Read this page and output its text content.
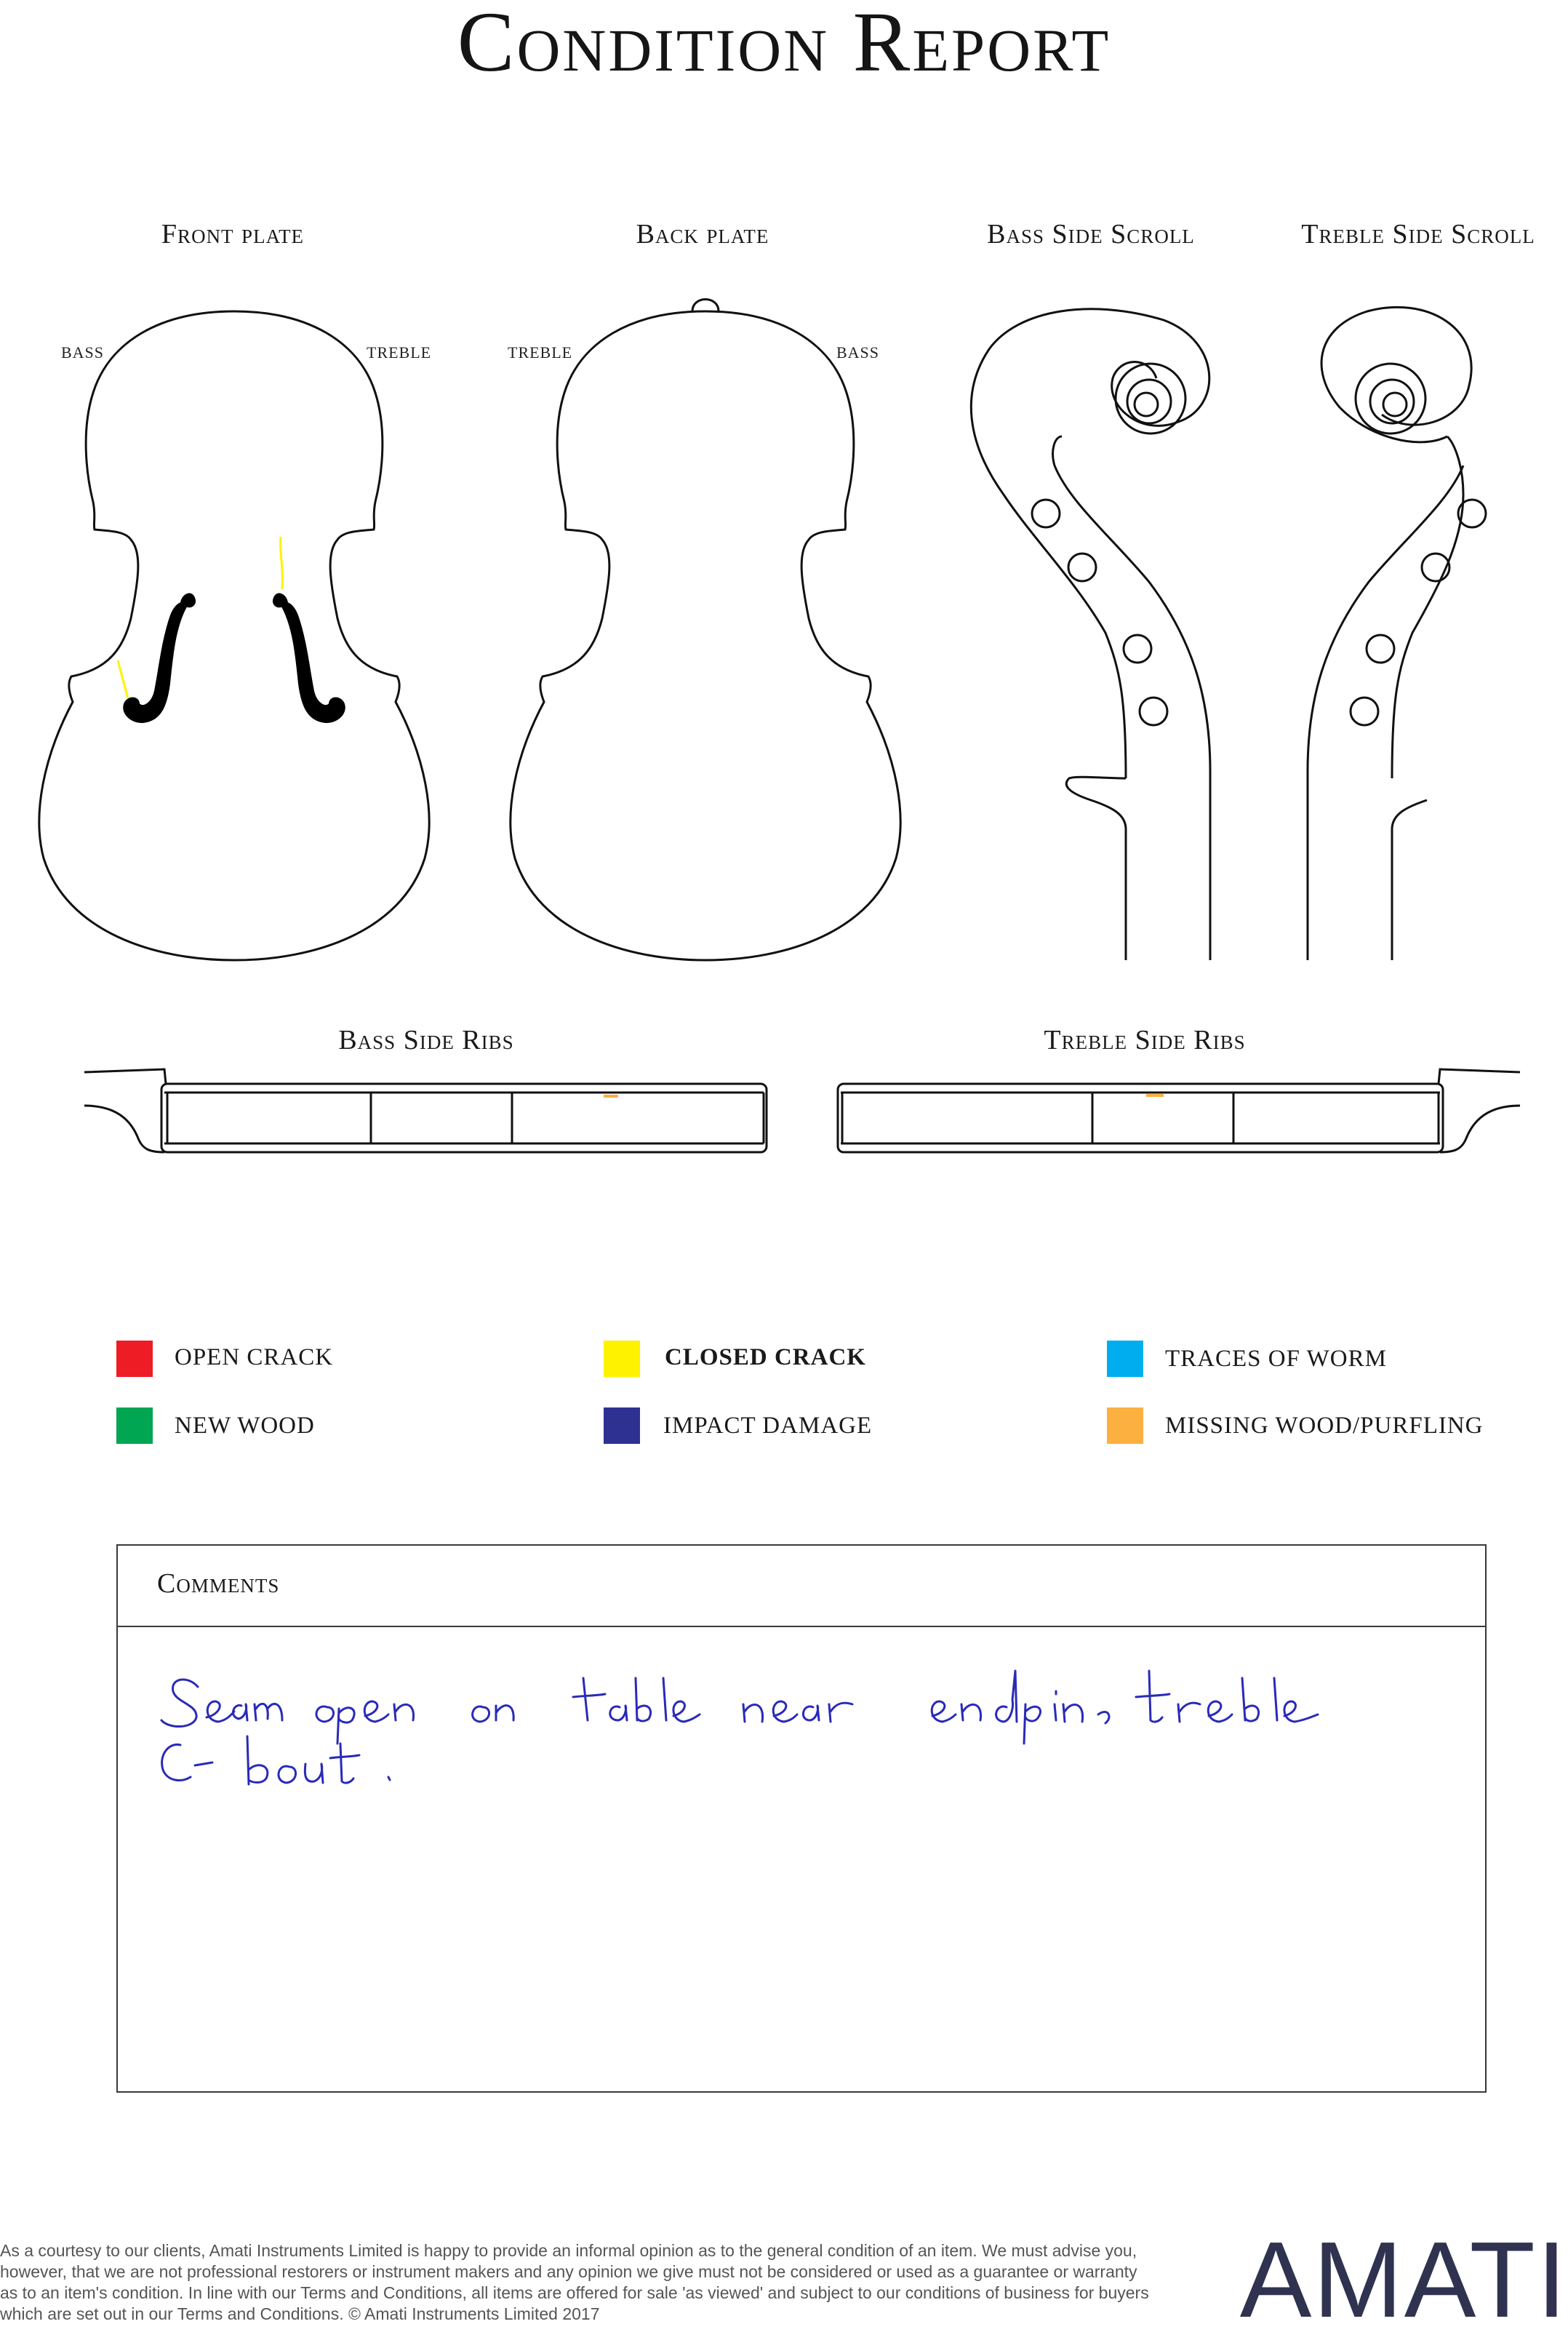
Condition Report
Front plate	Back plate	Bass Side Scroll	Treble Side Scroll
BASS	TREBLE	TREBLE	BASS
Bass Side Ribs	Treble Side Ribs
OPEN CRACK	CLOSED CRACK	TRACES OF WORM
NEW WOOD	IMPACT DAMAGE	MISSING WOOD/PURFLING
Comments
As a courtesy to our clients, Amati Instruments Limited is happy to provide an informal opinion as to the general condition of an item. We must advise you, however, that we are not professional restorers or instrument makers and any opinion we give must not be considered or used as a guarantee or warranty as to an item's condition. In line with our Terms and Conditions, all items are offered for sale 'as viewed' and subject to our conditions of business for buyers which are set out in our Terms and Conditions. © Amati Instruments Limited 2017	AMATI
